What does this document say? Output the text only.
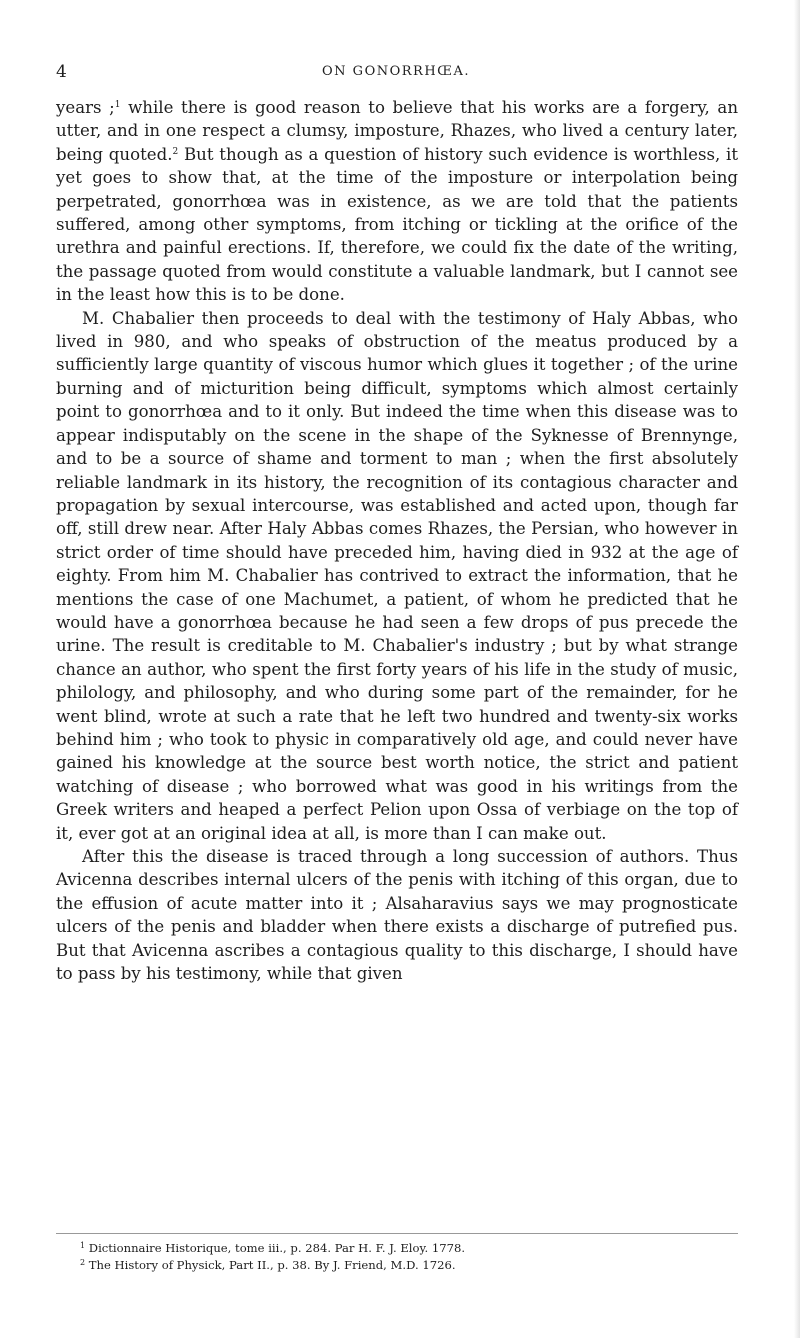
4	ON GONORRHŒA.

years ;$^1$ while there is good reason to believe that his works are a forgery, an utter, and in one respect a clumsy, imposture, Rhazes, who lived a century later, being quoted.$^2$ But though as a question of history such evidence is worthless, it yet goes to show that, at the time of the imposture or interpolation being perpetrated, gonorrhœa was in existence, as we are told that the patients suffered, among other symptoms, from itching or tickling at the orifice of the urethra and painful erections. If, therefore, we could fix the date of the writing, the passage quoted from would constitute a valuable landmark, but I cannot see in the least how this is to be done.

M. Chabalier then proceeds to deal with the testimony of Haly Abbas, who lived in 980, and who speaks of obstruction of the meatus produced by a sufficiently large quantity of viscous humor which glues it together ; of the urine burning and of micturition being difficult, symptoms which almost certainly point to gonorrhœa and to it only. But indeed the time when this disease was to appear indisputably on the scene in the shape of the Syknesse of Brennynge, and to be a source of shame and torment to man ; when the first absolutely reliable landmark in its history, the recognition of its contagious character and propagation by sexual intercourse, was established and acted upon, though far off, still drew near. After Haly Abbas comes Rhazes, the Persian, who however in strict order of time should have preceded him, having died in 932 at the age of eighty. From him M. Chabalier has contrived to extract the information, that he mentions the case of one Machumet, a patient, of whom he predicted that he would have a gonorrhœa because he had seen a few drops of pus precede the urine. The result is creditable to M. Chabalier's industry ; but by what strange chance an author, who spent the first forty years of his life in the study of music, philology, and philosophy, and who during some part of the remainder, for he went blind, wrote at such a rate that he left two hundred and twenty-six works behind him ; who took to physic in comparatively old age, and could never have gained his knowledge at the source best worth notice, the strict and patient watching of disease ; who borrowed what was good in his writings from the Greek writers and heaped a perfect Pelion upon Ossa of verbiage on the top of it, ever got at an original idea at all, is more than I can make out.

After this the disease is traced through a long succession of authors. Thus Avicenna describes internal ulcers of the penis with itching of this organ, due to the effusion of acute matter into it ; Alsaharavius says we may prognosticate ulcers of the penis and bladder when there exists a discharge of putrefied pus. But that Avicenna ascribes a contagious quality to this discharge, I should have to pass by his testimony, while that given

$^1$ Dictionnaire Historique, tome iii., p. 284. Par H. F. J. Eloy. 1778.
$^2$ The History of Physick, Part II., p. 38. By J. Friend, M.D. 1726.
